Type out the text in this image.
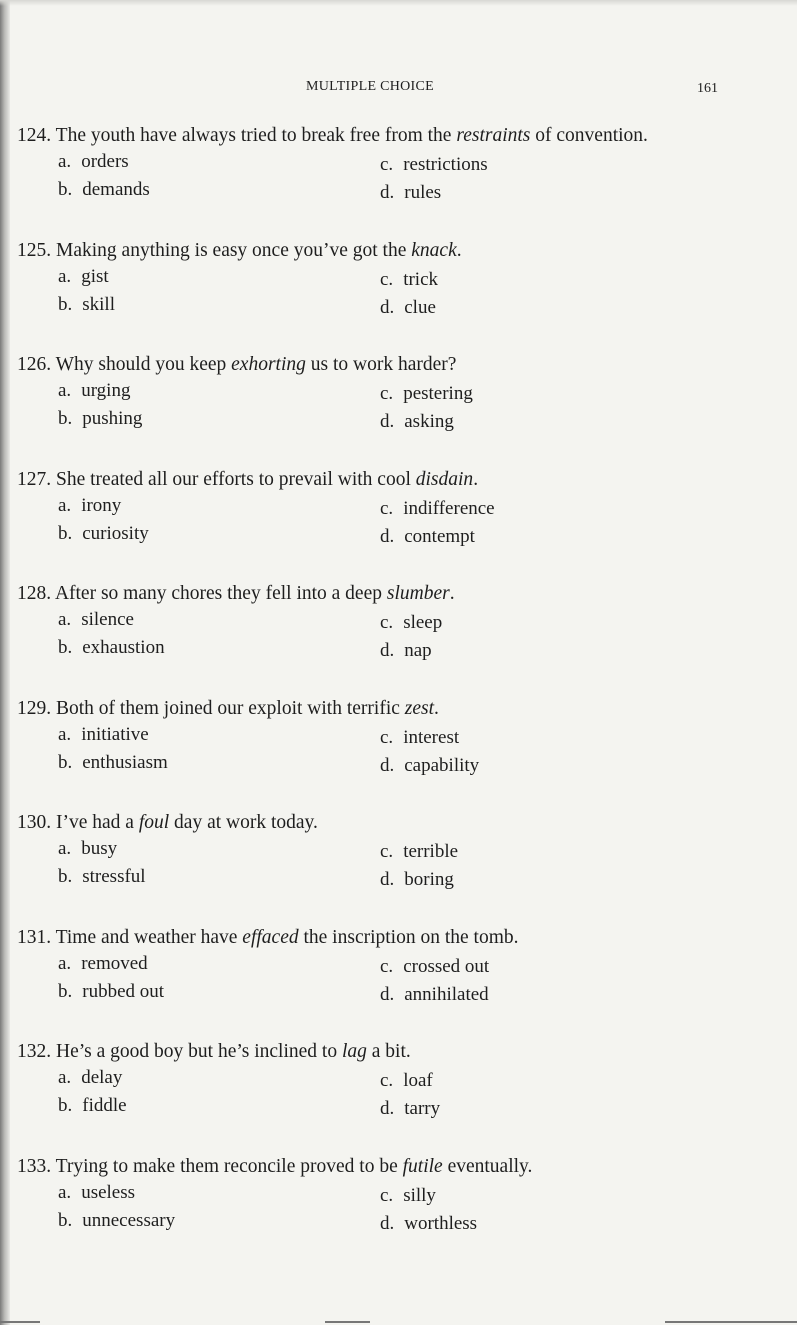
MULTIPLE CHOICE	161
124. The youth have always tried to break free from the restraints of convention.
a. orders
b. demands
c. restrictions
d. rules
125. Making anything is easy once you’ve got the knack.
a. gist
b. skill
c. trick
d. clue
126. Why should you keep exhorting us to work harder?
a. urging
b. pushing
c. pestering
d. asking
127. She treated all our efforts to prevail with cool disdain.
a. irony
b. curiosity
c. indifference
d. contempt
128. After so many chores they fell into a deep slumber.
a. silence
b. exhaustion
c. sleep
d. nap
129. Both of them joined our exploit with terrific zest.
a. initiative
b. enthusiasm
c. interest
d. capability
130. I’ve had a foul day at work today.
a. busy
b. stressful
c. terrible
d. boring
131. Time and weather have effaced the inscription on the tomb.
a. removed
b. rubbed out
c. crossed out
d. annihilated
132. He’s a good boy but he’s inclined to lag a bit.
a. delay
b. fiddle
c. loaf
d. tarry
133. Trying to make them reconcile proved to be futile eventually.
a. useless
b. unnecessary
c. silly
d. worthless
